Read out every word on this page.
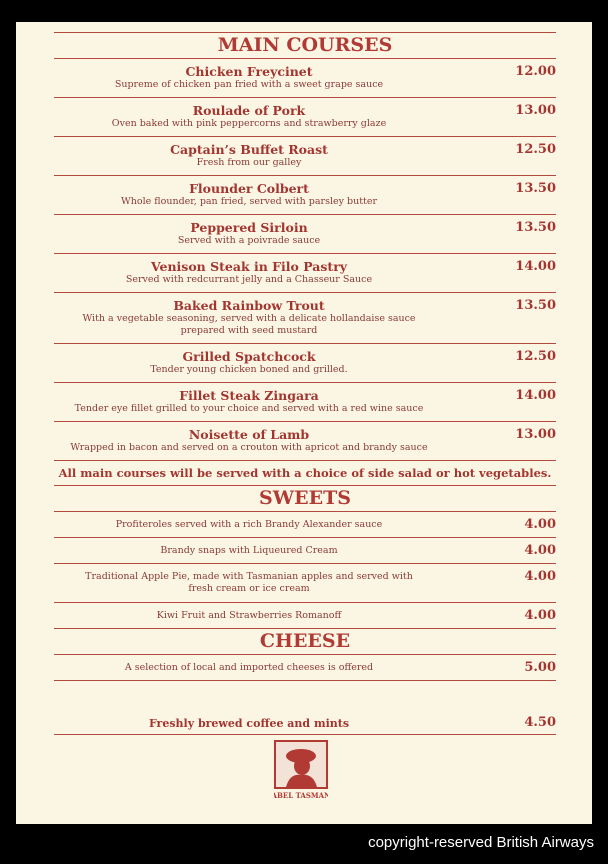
MAIN COURSES
Chicken Freycinet
Supreme of chicken pan fried with a sweet grape sauce
12.00
Roulade of Pork
Oven baked with pink peppercorns and strawberry glaze
13.00
Captain’s Buffet Roast
Fresh from our galley
12.50
Flounder Colbert
Whole flounder, pan fried, served with parsley butter
13.50
Peppered Sirloin
Served with a poivrade sauce
13.50
Venison Steak in Filo Pastry
Served with redcurrant jelly and a Chasseur Sauce
14.00
Baked Rainbow Trout
With a vegetable seasoning, served with a delicate hollandaise sauce
prepared with seed mustard
13.50
Grilled Spatchcock
Tender young chicken boned and grilled.
12.50
Fillet Steak Zingara
Tender eye fillet grilled to your choice and served with a red wine sauce
14.00
Noisette of Lamb
Wrapped in bacon and served on a crouton with apricot and brandy sauce
13.00
All main courses will be served with a choice of side salad or hot vegetables.
SWEETS
Profiteroles served with a rich Brandy Alexander sauce	4.00
Brandy snaps with Liqueured Cream	4.00
Traditional Apple Pie, made with Tasmanian apples and served with
fresh cream or ice cream
4.00
Kiwi Fruit and Strawberries Romanoff	4.00
CHEESE
A selection of local and imported cheeses is offered	5.00
Freshly brewed coffee and mints	4.50
ABEL TASMAN
copyright-reserved British Airways
